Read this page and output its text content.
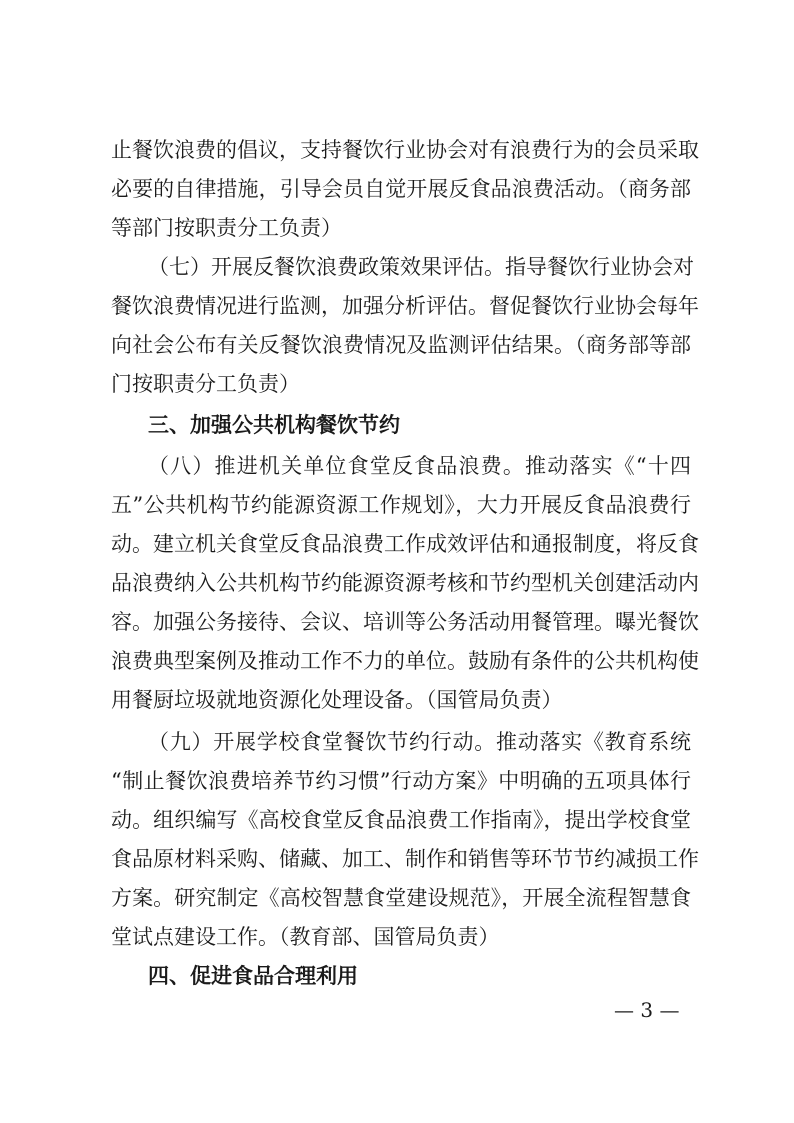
止餐饮浪费的倡议，支持餐饮行业协会对有浪费行为的会员采取
必要的自律措施，引导会员自觉开展反食品浪费活动。（商务部
等部门按职责分工负责）
（七）开展反餐饮浪费政策效果评估。指导餐饮行业协会对
餐饮浪费情况进行监测，加强分析评估。督促餐饮行业协会每年
向社会公布有关反餐饮浪费情况及监测评估结果。（商务部等部
门按职责分工负责）
三、加强公共机构餐饮节约
（八）推进机关单位食堂反食品浪费。推动落实《“十四
五”公共机构节约能源资源工作规划》，大力开展反食品浪费行
动。建立机关食堂反食品浪费工作成效评估和通报制度，将反食
品浪费纳入公共机构节约能源资源考核和节约型机关创建活动内
容。加强公务接待、会议、培训等公务活动用餐管理。曝光餐饮
浪费典型案例及推动工作不力的单位。鼓励有条件的公共机构使
用餐厨垃圾就地资源化处理设备。（国管局负责）
（九）开展学校食堂餐饮节约行动。推动落实《教育系统
“制止餐饮浪费培养节约习惯”行动方案》中明确的五项具体行
动。组织编写《高校食堂反食品浪费工作指南》，提出学校食堂
食品原材料采购、储藏、加工、制作和销售等环节节约减损工作
方案。研究制定《高校智慧食堂建设规范》，开展全流程智慧食
堂试点建设工作。（教育部、国管局负责）
四、促进食品合理利用
— 3 —
